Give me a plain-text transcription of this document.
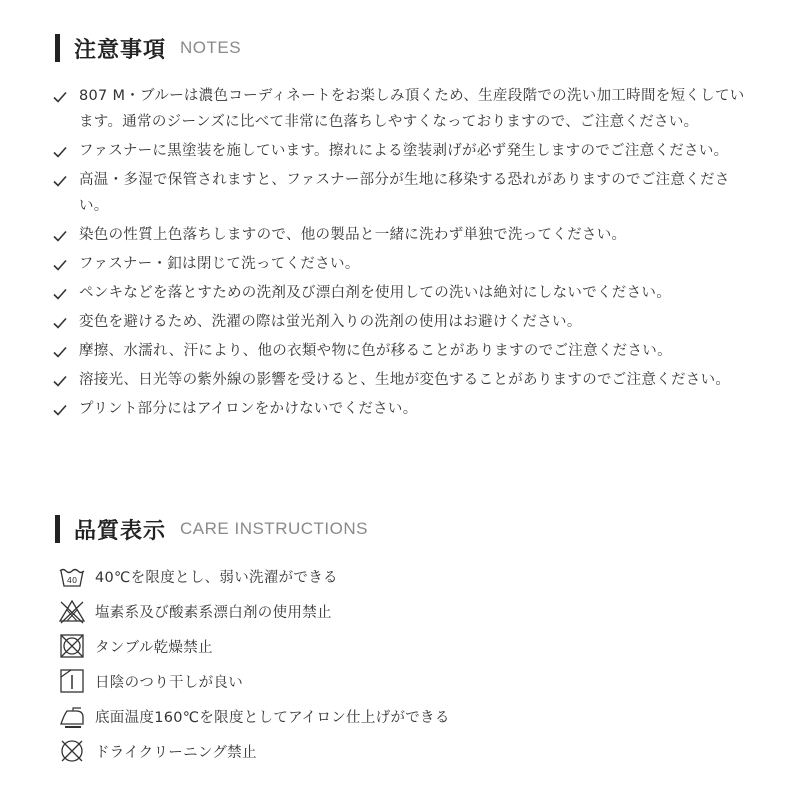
注意事項 NOTES
807 M・ブルーは濃色コーディネートをお楽しみ頂くため、生産段階での洗い加工時間を短くしています。通常のジーンズに比べて非常に色落ちしやすくなっておりますので、ご注意ください。
ファスナーに黒塗装を施しています。擦れによる塗装剥げが必ず発生しますのでご注意ください。
高温・多湿で保管されますと、ファスナー部分が生地に移染する恐れがありますのでご注意ください。
染色の性質上色落ちしますので、他の製品と一緒に洗わず単独で洗ってください。
ファスナー・釦は閉じて洗ってください。
ペンキなどを落とすための洗剤及び漂白剤を使用しての洗いは絶対にしないでください。
変色を避けるため、洗濯の際は蛍光剤入りの洗剤の使用はお避けください。
摩擦、水濡れ、汗により、他の衣類や物に色が移ることがありますのでご注意ください。
溶接光、日光等の紫外線の影響を受けると、生地が変色することがありますのでご注意ください。
プリント部分にはアイロンをかけないでください。
品質表示 CARE INSTRUCTIONS
40 40℃を限度とし、弱い洗濯ができる
塩素系及び酸素系漂白剤の使用禁止
タンブル乾燥禁止
日陰のつり干しが良い
底面温度160℃を限度としてアイロン仕上げができる
ドライクリーニング禁止
